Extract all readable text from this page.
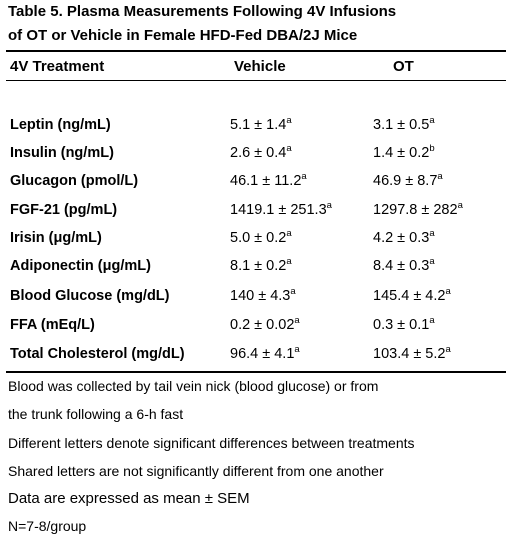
Table 5. Plasma Measurements Following 4V Infusions
of OT or Vehicle in Female HFD-Fed DBA/2J Mice
4V Treatment	Vehicle	OT
Leptin (ng/mL)	5.1 ± 1.4$^a$	3.1 ± 0.5$^a$
Insulin (ng/mL)	2.6 ± 0.4$^a$	1.4 ± 0.2$^b$
Glucagon (pmol/L)	46.1 ± 11.2$^a$	46.9 ± 8.7$^a$
FGF-21 (pg/mL)	1419.1 ± 251.3$^a$	$1297.8 \pm 282^a$
Irisin (μg/mL)	5.0 ± 0.2$^a$	4.2 ± 0.3$^a$
Adiponectin (μg/mL)	8.1 ± 0.2$^a$	8.4 ± 0.3$^a$
Blood Glucose (mg/dL)	140 ± 4.3$^a$	145.4 ± 4.2$^a$
FFA (mEq/L)	0.2 ± 0.02$^a$	0.3 ± 0.1$^a$
Total Cholesterol (mg/dL)	96.4 ± 4.1$^a$	103.4 ± 5.2$^a$
Blood was collected by tail vein nick (blood glucose) or from
the trunk following a 6-h fast
Different letters denote significant differences between treatments
Shared letters are not significantly different from one another
Data are expressed as mean ± SEM
N=7-8/group
